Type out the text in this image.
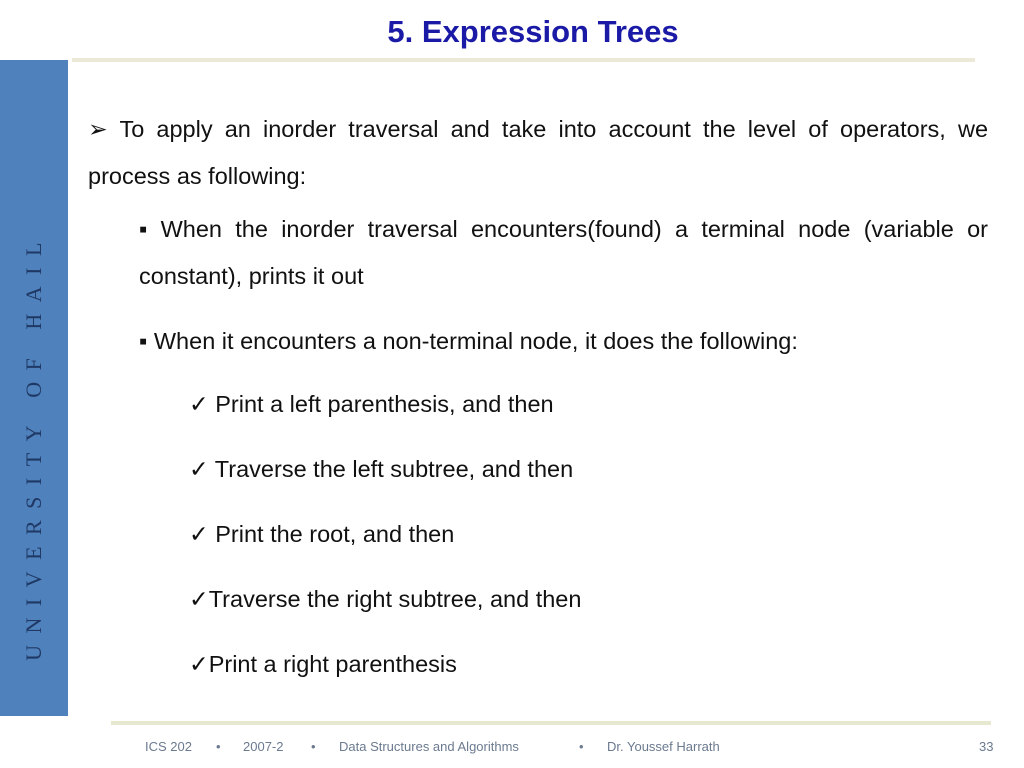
UNIVERSITY OF HAIL
5. Expression Trees

➢ To apply an inorder traversal and take into account the level of operators, we process as following:

▪ When the inorder traversal encounters(found) a terminal node (variable or constant), prints it out

▪ When it encounters a non-terminal node, it does the following:

✓ Print a left parenthesis, and then
✓ Traverse the left subtree, and then
✓ Print the root, and then
✓Traverse the right subtree, and then
✓Print a right parenthesis
ICS 202 • 2007-2 • Data Structures and Algorithms	• Dr. Youssef Harrath	33
